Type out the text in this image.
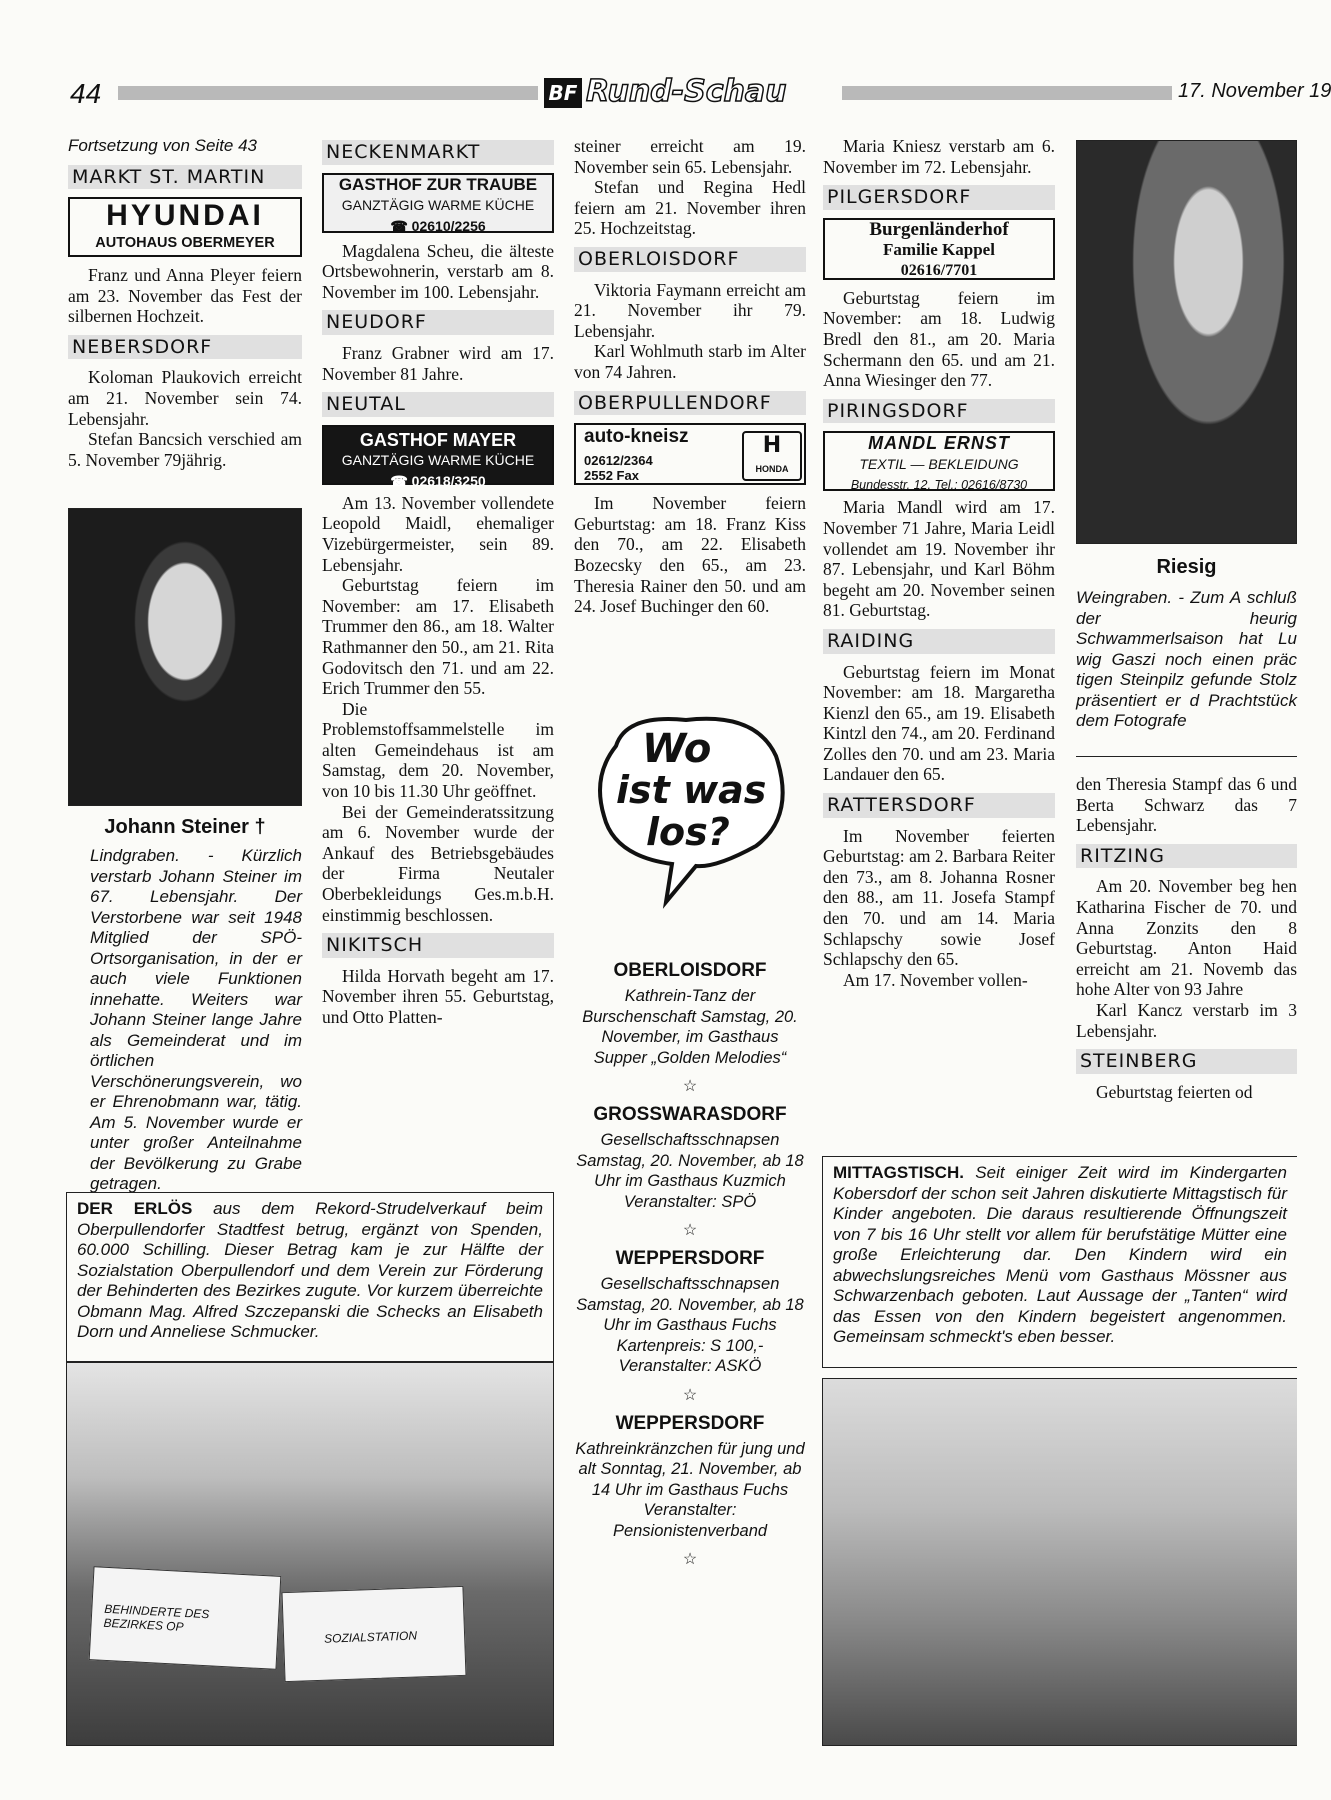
44	BF Rund-Schau	17. November 19

Fortsetzung von Seite 43

MARKT ST. MARTIN
HYUNDAI
AUTOHAUS OBERMEYER

Franz und Anna Pleyer feiern am 23. November das Fest der silbernen Hochzeit.

NEBERSDORF

Koloman Plaukovich erreicht am 21. November sein 74. Lebensjahr.

Stefan Bancsich verschied am 5. November 79jährig.

Johann Steiner †
Lindgraben. - Kürzlich verstarb Johann Steiner im 67. Lebensjahr. Der Verstorbene war seit 1948 Mitglied der SPÖ-Ortsorganisation, in der er auch viele Funktionen innehatte. Weiters war Johann Steiner lange Jahre als Gemeinderat und im örtlichen Verschönerungsverein, wo er Ehrenobmann war, tätig. Am 5. November wurde er unter großer Anteilnahme der Bevölkerung zu Grabe getragen.
NECKENMARKT
GASTHOF ZUR TRAUBE
GANZTÄGIG WARME KÜCHE
☎ 02610/2256

Magdalena Scheu, die älteste Ortsbewohnerin, verstarb am 8. November im 100. Lebensjahr.

NEUDORF

Franz Grabner wird am 17. November 81 Jahre.

NEUTAL
GASTHOF MAYER
GANZTÄGIG WARME KÜCHE
☎ 02618/3250

Am 13. November vollendete Leopold Maidl, ehemaliger Vizebürgermeister, sein 89. Lebensjahr.

Geburtstag feiern im November: am 17. Elisabeth Trummer den 86., am 18. Walter Rathmanner den 50., am 21. Rita Godovitsch den 71. und am 22. Erich Trummer den 55.

Die Problemstoffsammelstelle im alten Gemeindehaus ist am Samstag, dem 20. November, von 10 bis 11.30 Uhr geöffnet.

Bei der Gemeinderatssitzung am 6. November wurde der Ankauf des Betriebsgebäudes der Firma Neutaler Oberbekleidungs Ges.m.b.H. einstimmig beschlossen.

NIKITSCH

Hilda Horvath begeht am 17. November ihren 55. Geburtstag, und Otto Platten-

steiner erreicht am 19. November sein 65. Lebensjahr.

Stefan und Regina Hedl feiern am 21. November ihren 25. Hochzeitstag.

OBERLOISDORF

Viktoria Faymann erreicht am 21. November ihr 79. Lebensjahr.

Karl Wohlmuth starb im Alter von 74 Jahren.

OBERPULLENDORF
auto-kneisz
02612/2364
2552 Fax
H
HONDA

Im November feiern Geburtstag: am 18. Franz Kiss den 70., am 22. Elisabeth Bozecsky den 65., am 23. Theresia Rainer den 50. und am 24. Josef Buchinger den 60.

Wo
ist was
los?
OBERLOISDORF
Kathrein-Tanz der Burschenschaft Samstag, 20. November, im Gasthaus Supper „Golden Melodies“
☆
GROSSWARASDORF
Gesellschaftsschnapsen Samstag, 20. November, ab 18 Uhr im Gasthaus Kuzmich Veranstalter: SPÖ
☆
WEPPERSDORF
Gesellschaftsschnapsen Samstag, 20. November, ab 18 Uhr im Gasthaus Fuchs Kartenpreis: S 100,- Veranstalter: ASKÖ
☆
WEPPERSDORF
Kathreinkränzchen für jung und alt Sonntag, 21. November, ab 14 Uhr im Gasthaus Fuchs Veranstalter: Pensionistenverband
☆

Maria Kniesz verstarb am 6. November im 72. Lebensjahr.

PILGERSDORF
Burgenländerhof
Familie Kappel
02616/7701

Geburtstag feiern im November: am 18. Ludwig Bredl den 81., am 20. Maria Schermann den 65. und am 21. Anna Wiesinger den 77.

PIRINGSDORF
MANDL ERNST
TEXTIL — BEKLEIDUNG
Bundesstr. 12, Tel.: 02616/8730

Maria Mandl wird am 17. November 71 Jahre, Maria Leidl vollendet am 19. November ihr 87. Lebensjahr, und Karl Böhm begeht am 20. November seinen 81. Geburtstag.

RAIDING

Geburtstag feiern im Monat November: am 18. Margaretha Kienzl den 65., am 19. Elisabeth Kintzl den 74., am 20. Ferdinand Zolles den 70. und am 23. Maria Landauer den 65.

RATTERSDORF

Im November feierten Geburtstag: am 2. Barbara Reiter den 73., am 8. Johanna Rosner den 88., am 11. Josefa Stampf den 70. und am 14. Maria Schlapschy sowie Josef Schlapschy den 65.

Am 17. November vollen-

Riesig
Weingraben. - Zum A schluß der heurig Schwammerlsaison hat Lu wig Gaszi noch einen präc tigen Steinpilz gefunde Stolz präsentiert er d Prachtstück dem Fotografe

den Theresia Stampf das 6 und Berta Schwarz das 7 Lebensjahr.

RITZING

Am 20. November beg hen Katharina Fischer de 70. und Anna Zonzits den 8 Geburtstag. Anton Haid erreicht am 21. Novemb das hohe Alter von 93 Jahre

Karl Kancz verstarb im 3 Lebensjahr.

STEINBERG

Geburtstag feierten od

DER ERLÖS aus dem Rekord-Strudelverkauf beim Oberpullendorfer Stadtfest betrug, ergänzt von Spenden, 60.000 Schilling. Dieser Betrag kam je zur Hälfte der Sozialstation Oberpullendorf und dem Verein zur Förderung der Behinderten des Bezirkes zugute. Vor kurzem überreichte Obmann Mag. Alfred Szczepanski die Schecks an Elisabeth Dorn und Anneliese Schmucker.
BEHINDERTE DES BEZIRKES OP
SOZIALSTATION
MITTAGSTISCH. Seit einiger Zeit wird im Kindergarten Kobersdorf der schon seit Jahren diskutierte Mittagstisch für Kinder angeboten. Die daraus resultierende Öffnungszeit von 7 bis 16 Uhr stellt vor allem für berufstätige Mütter eine große Erleichterung dar. Den Kindern wird ein abwechslungsreiches Menü vom Gasthaus Mössner aus Schwarzenbach geboten. Laut Aussage der „Tanten“ wird das Essen von den Kindern begeistert angenommen. Gemeinsam schmeckt's eben besser.
